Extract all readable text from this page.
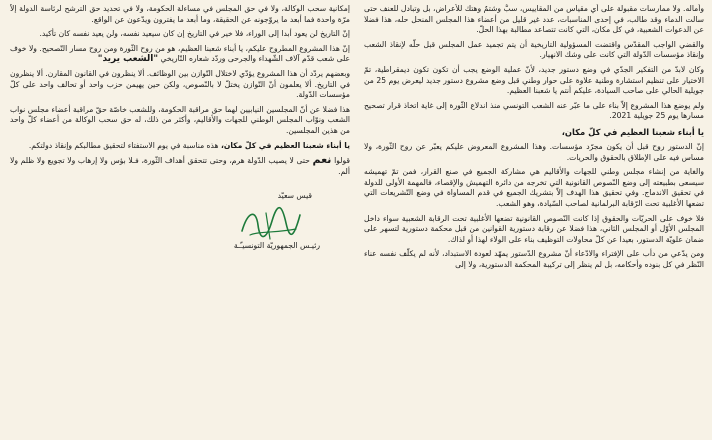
وأماله. ولا ممارسات مقبولة على أي مقياس من المقاييس، سبٌّ وشتمٌ وهتك للأعراض، بل وتبادل للعنف حتى سالت الدماء وقد طالب، في إحدى المناسبات، عدد غير قليل من أعضاء هذا المجلس المنحل حله، هذا فضلا عن الدعوات الشعبية، في كل مكان، التي كانت تتصاعد مطالبة بهذا الحلّ.

والقضي الواجب المقدّس واقتضت المسؤولية التاريخية أن يتم تجميد عمل المجلس قبل حلّه لإنقاذ الشعب وإنقاذ مؤسسات الدّولة التي كانت على وشك الانهيار.

وكان لابدّ من التفكير الجدّي في وضع دستور جديد، لأنّ عملية الوضع يجب أن تكون تكون ديمقراطية، تمّ الاختيار على تنظيم استشارة وطنية علاوة على حوار وطني قبل وضع مشروع دستور جديد ليعرض يوم 25 من جويلية الحالي على صاحب السيادة، عليكم أنتم يا شعبنا العظيم.

ولم يوضع هذا المشروع إلاّ بناء على ما عبّر عنه الشعب التونسي منذ اندلاع الثّورة إلى غاية اتخاذ قرار تصحيح مسارها يوم 25 جويلية 2021.

يا أبناء شعبنا العظيم في كلّ مكان،

إنّ الدستور روح قبل أن يكون مجرّد مؤسسات. وهذا المشروع المعروض عليكم يعبّر عن روح الثّورة، ولا مساس فيه على الإطلاق بالحقوق والحريات.

والغاية من إنشاء مجلس وطني للجهات والأقاليم هي مشاركة الجميع في صنع القرار، فمن تمّ تهميشه سيسعى بطبيعته إلى وضع النّصوص القانونية التي تخرجه من دائرة التهميش والإقصاء، فالمهمة الأولى للدولة في تحقيق الاندماج. وفي تحقيق هذا الهدف إلاّ بتشريك الجميع في قدم المساواة في وضع التّشريعات التي تضعها الأغلبية تحت الرّقابة البرلمانية لصاحب السّيادة، وهو الشعب.

فلا خوف على الحريّات والحقوق إذا كانت النّصوص القانونية تضعها الأغلبية تحت الرقابة الشعبية سواء داخل المجلس الأوّل أو المجلس الثاني، هذا فضلا عن رقابة دستورية القوانين من قبل محكمة دستورية لتسهر على ضمان علويّة الدستور، بعيدا عن كلّ محاولات التوظيف بناء على الولاء لهذا أو لذاك.

ومن يدّعي من دأب على الإفتراء والادّعاء أنّ مشروع الدّستور يمهّد لعودة الاستبداد، لأنه لم يكلّف نفسه عناء النّظر في كل بنوده وأحكامه، بل لم ينظر إلى تركيبة المحكمة الدستورية، ولا إلى

إمكانية سحب الوكالة، ولا في حق المجلس في مساءلة الحكومة، ولا في تحديد حق الترشح لرئاسة الدولة إلاّ مرّة واحدة فما أبعد ما يروّجونه عن الحقيقة، وما أبعد ما يفترون ويدّعون عن الواقع.

إنّ التاريخ لن يعود أبدا إلى الوراء، فلا خير في التاريخ إن كان سيعيد نفسه، ولن يعيد نفسه كان تأكيد.

إنّ هذا المشروع المطروح عليكم، يا أبناء شعبنا العظيم، هو من روح الثّورة ومن روح مسار التّصحيح. ولا خوف على شعب قدّم آلاف الشّهداء والجرحى وردّد شعاره التّاريخي "الشعب يريد"

وبعضهم يردّد أن هذا المشروع يؤدّي لاختلال التّوازن بين الوظائف. ألا ينظرون في القانون المقارن. ألا ينظرون في التاريخ. ألا يعلمون أنّ التّوازن يختلّ لا بالنّصوص، ولكن حين يهيمن حزب واحد أو تحالف واحد على كلّ مؤسسات الدّولة.

هذا فضلا عن أنّ المجلسين النيابيين لهما حق مراقبة الحكومة، وللشعب خاصّة حقّ مراقبة أعضاء مجلس نواب الشعب ونوّاب المجلس الوطني للجهات والأقاليم، وأكثر من ذلك، له حق سحب الوكالة من أعضاء كلّ واحد من هذين المجلسين.

يا أبناء شعبنا العظيم في كلّ مكان، هذه مناسبة في يوم الاستفتاء لتحقيق مطالبكم وإنقاذ دولتكم.

قولوا نعم حتى لا يصيب الدّولة هرم، وحتى تتحقق أهداف الثّورة، فـلا بؤس ولا إرهاب ولا تجويع ولا ظلم ولا ألم.

قيس سعيّد
رئيـس الجمهوريّة التونسيـّـة
